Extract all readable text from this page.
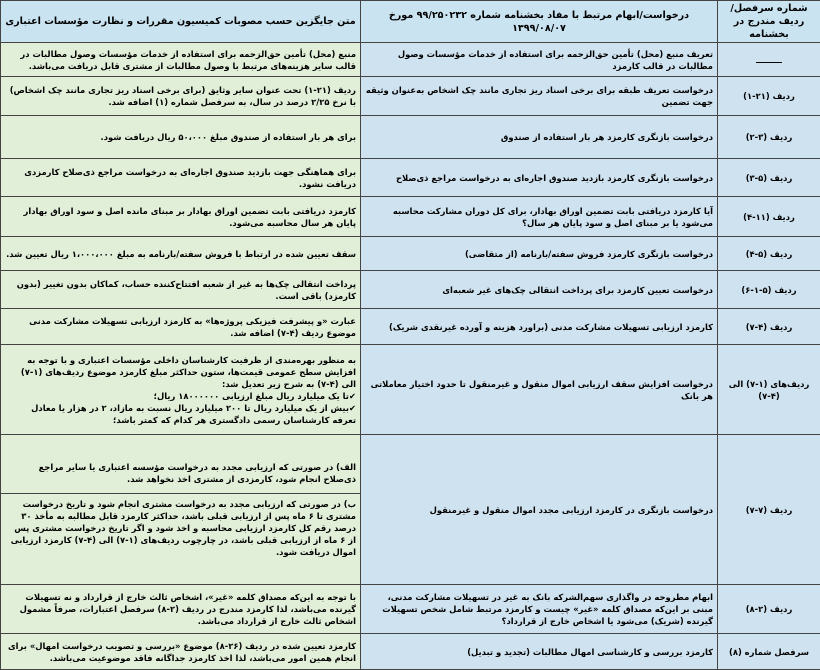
شماره سرفصل/ردیف مندرج در بخشنامه	درخواست/ابهام مرتبط با مفاد بخشنامه شماره ۹۹/۲۵۰۲۳۲ مورخ ۱۳۹۹/۰۸/۰۷	متن جایگزین حسب مصوبات کمیسیون مقررات و نظارت مؤسسات اعتباری
ـــــــــ	تعریف منبع (محل) تأمین حق‌الزحمه برای استفاده از خدمات مؤسسات وصول مطالبات در قالب کارمزد	منبع (محل) تأمین حق‌الزحمه برای استفاده از خدمات مؤسسات وصول مطالبات در قالب سایر هزینه‌های مرتبط با وصول مطالبات از مشتری قابل دریافت می‌باشد.
ردیف (۲۱-۱)	درخواست تعریف طبقه برای برخی اسناد ریز تجاری مانند چک اشخاص به‌عنوان وثیقه جهت تضمین	ردیف (۲۱-۱) تحت عنوان سایر وثایق (برای برخی اسناد ریز تجاری مانند چک اشخاص) با نرخ ۲/۲۵ درصد در سال، به سرفصل شماره (۱) اضافه شد.
ردیف (۳-۲)	درخواست بازنگری کارمزد هر بار استفاده از صندوق	برای هر بار استفاده از صندوق مبلغ ۵۰،۰۰۰ ریال دریافت شود.
ردیف (۵-۳)	درخواست بازنگری کارمزد بازدید صندوق اجاره‌ای به درخواست مراجع ذی‌صلاح	برای هماهنگی جهت بازدید صندوق اجاره‌ای به درخواست مراجع ذی‌صلاح کارمزدی دریافت نشود.
ردیف (۱۱-۴)	آیا کارمزد دریافتی بابت تضمین اوراق بهادار، برای کل دوران مشارکت محاسبه می‌شود یا بر مبنای اصل و سود پایان هر سال؟	کارمزد دریافتی بابت تضمین اوراق بهادار بر مبنای مانده اصل و سود اوراق بهادار پایان هر سال محاسبه می‌شود.
ردیف (۵-۴)	درخواست بازنگری کارمزد فروش سفته/بارنامه (از متقاضی)	سقف تعیین شده در ارتباط با فروش سفته/بارنامه به مبلغ ۱،۰۰۰،۰۰۰ ریال تعیین شد.
ردیف (۵-۱-۶)	درخواست تعیین کارمزد برای پرداخت انتقالی چک‌های غیر شعبه‌ای	پرداخت انتقالی چک‌ها به غیر از شعبه افتتاح‌کننده حساب، کماکان بدون تغییر (بدون کارمزد) باقی است.
ردیف (۴-۷)	کارمزد ارزیابی تسهیلات مشارکت مدنی (براورد هزینه و آورده غیرنقدی شریک)	عبارت «و پیشرفت فیزیکی پروژه‌ها» به کارمزد ارزیابی تسهیلات مشارکت مدنی موضوع ردیف (۴-۷) اضافه شد.
ردیف‌های (۱-۷) الی (۴-۷)	درخواست افزایش سقف ارزیابی اموال منقول و غیرمنقول تا حدود اختیار معاملاتی هر بانک	به منظور بهره‌مندی از ظرفیت کارشناسان داخلی مؤسسات اعتباری و با توجه به افزایش سطح عمومی قیمت‌ها، ستون حداکثر مبلغ کارمزد موضوع ردیف‌های (۱-۷) الی (۴-۷) به شرح زیر تعدیل شد:
✔تا یک میلیارد ریال مبلغ ارزیابی ۱۸۰۰۰۰۰۰ ریال؛
✔بیش از یک میلیارد ریال تا ۲۰۰ میلیارد ریال نسبت به مازاد، ۲ در هزار یا معادل تعرفه کارشناسان رسمی دادگستری هر کدام که کمتر باشد؛

ردیف (۷-۷)	درخواست بازنگری در کارمزد ارزیابی مجدد اموال منقول و غیرمنقول	الف) در صورتی که ارزیابی مجدد به درخواست مؤسسه اعتباری یا سایر مراجع ذی‌صلاح انجام شود، کارمزدی از مشتری اخذ نخواهد شد.
ب) در صورتی که ارزیابی مجدد به درخواست مشتری انجام شود و تاریخ درخواست مشتری تا ۶ ماه پس از ارزیابی قبلی باشد، حداکثر کارمزد قابل مطالبه به مأخذ ۳۰ درصد رقم کل کارمزد ارزیابی محاسبه و اخذ شود و اگر تاریخ درخواست مشتری پس از ۶ ماه از ارزیابی قبلی باشد، در چارچوب ردیف‌های (۱-۷) الی (۴-۷) کارمزد ارزیابی اموال دریافت شود.

ردیف (۲-۸)	ابهام مطروحه در واگذاری سهم‌الشرکه بانک به غیر در تسهیلات مشارکت مدنی، مبنی بر این‌که مصداق کلمه «غیر» چیست و کارمزد مرتبط شامل شخص تسهیلات گیرنده (شریک) می‌شود یا اشخاص خارج از قرارداد؟	با توجه به این‌که مصداق کلمه «غیر»، اشخاص ثالث خارج از قرارداد و نه تسهیلات گیرنده می‌باشد، لذا کارمزد مندرج در ردیف (۲-۸) سرفصل اعتبارات، صرفاً مشمول اشخاص ثالث خارج از قرارداد می‌باشد.
سرفصل شماره (۸)	کارمزد بررسی و کارشناسی امهال مطالبات (تجدید و تبدیل)	کارمزد تعیین شده در ردیف (۲۶-۸) موضوع «بررسی و تصویب درخواست امهال» برای انجام همین امور می‌باشد، لذا اخذ کارمزد جداگانه فاقد موضوعیت می‌باشد.
